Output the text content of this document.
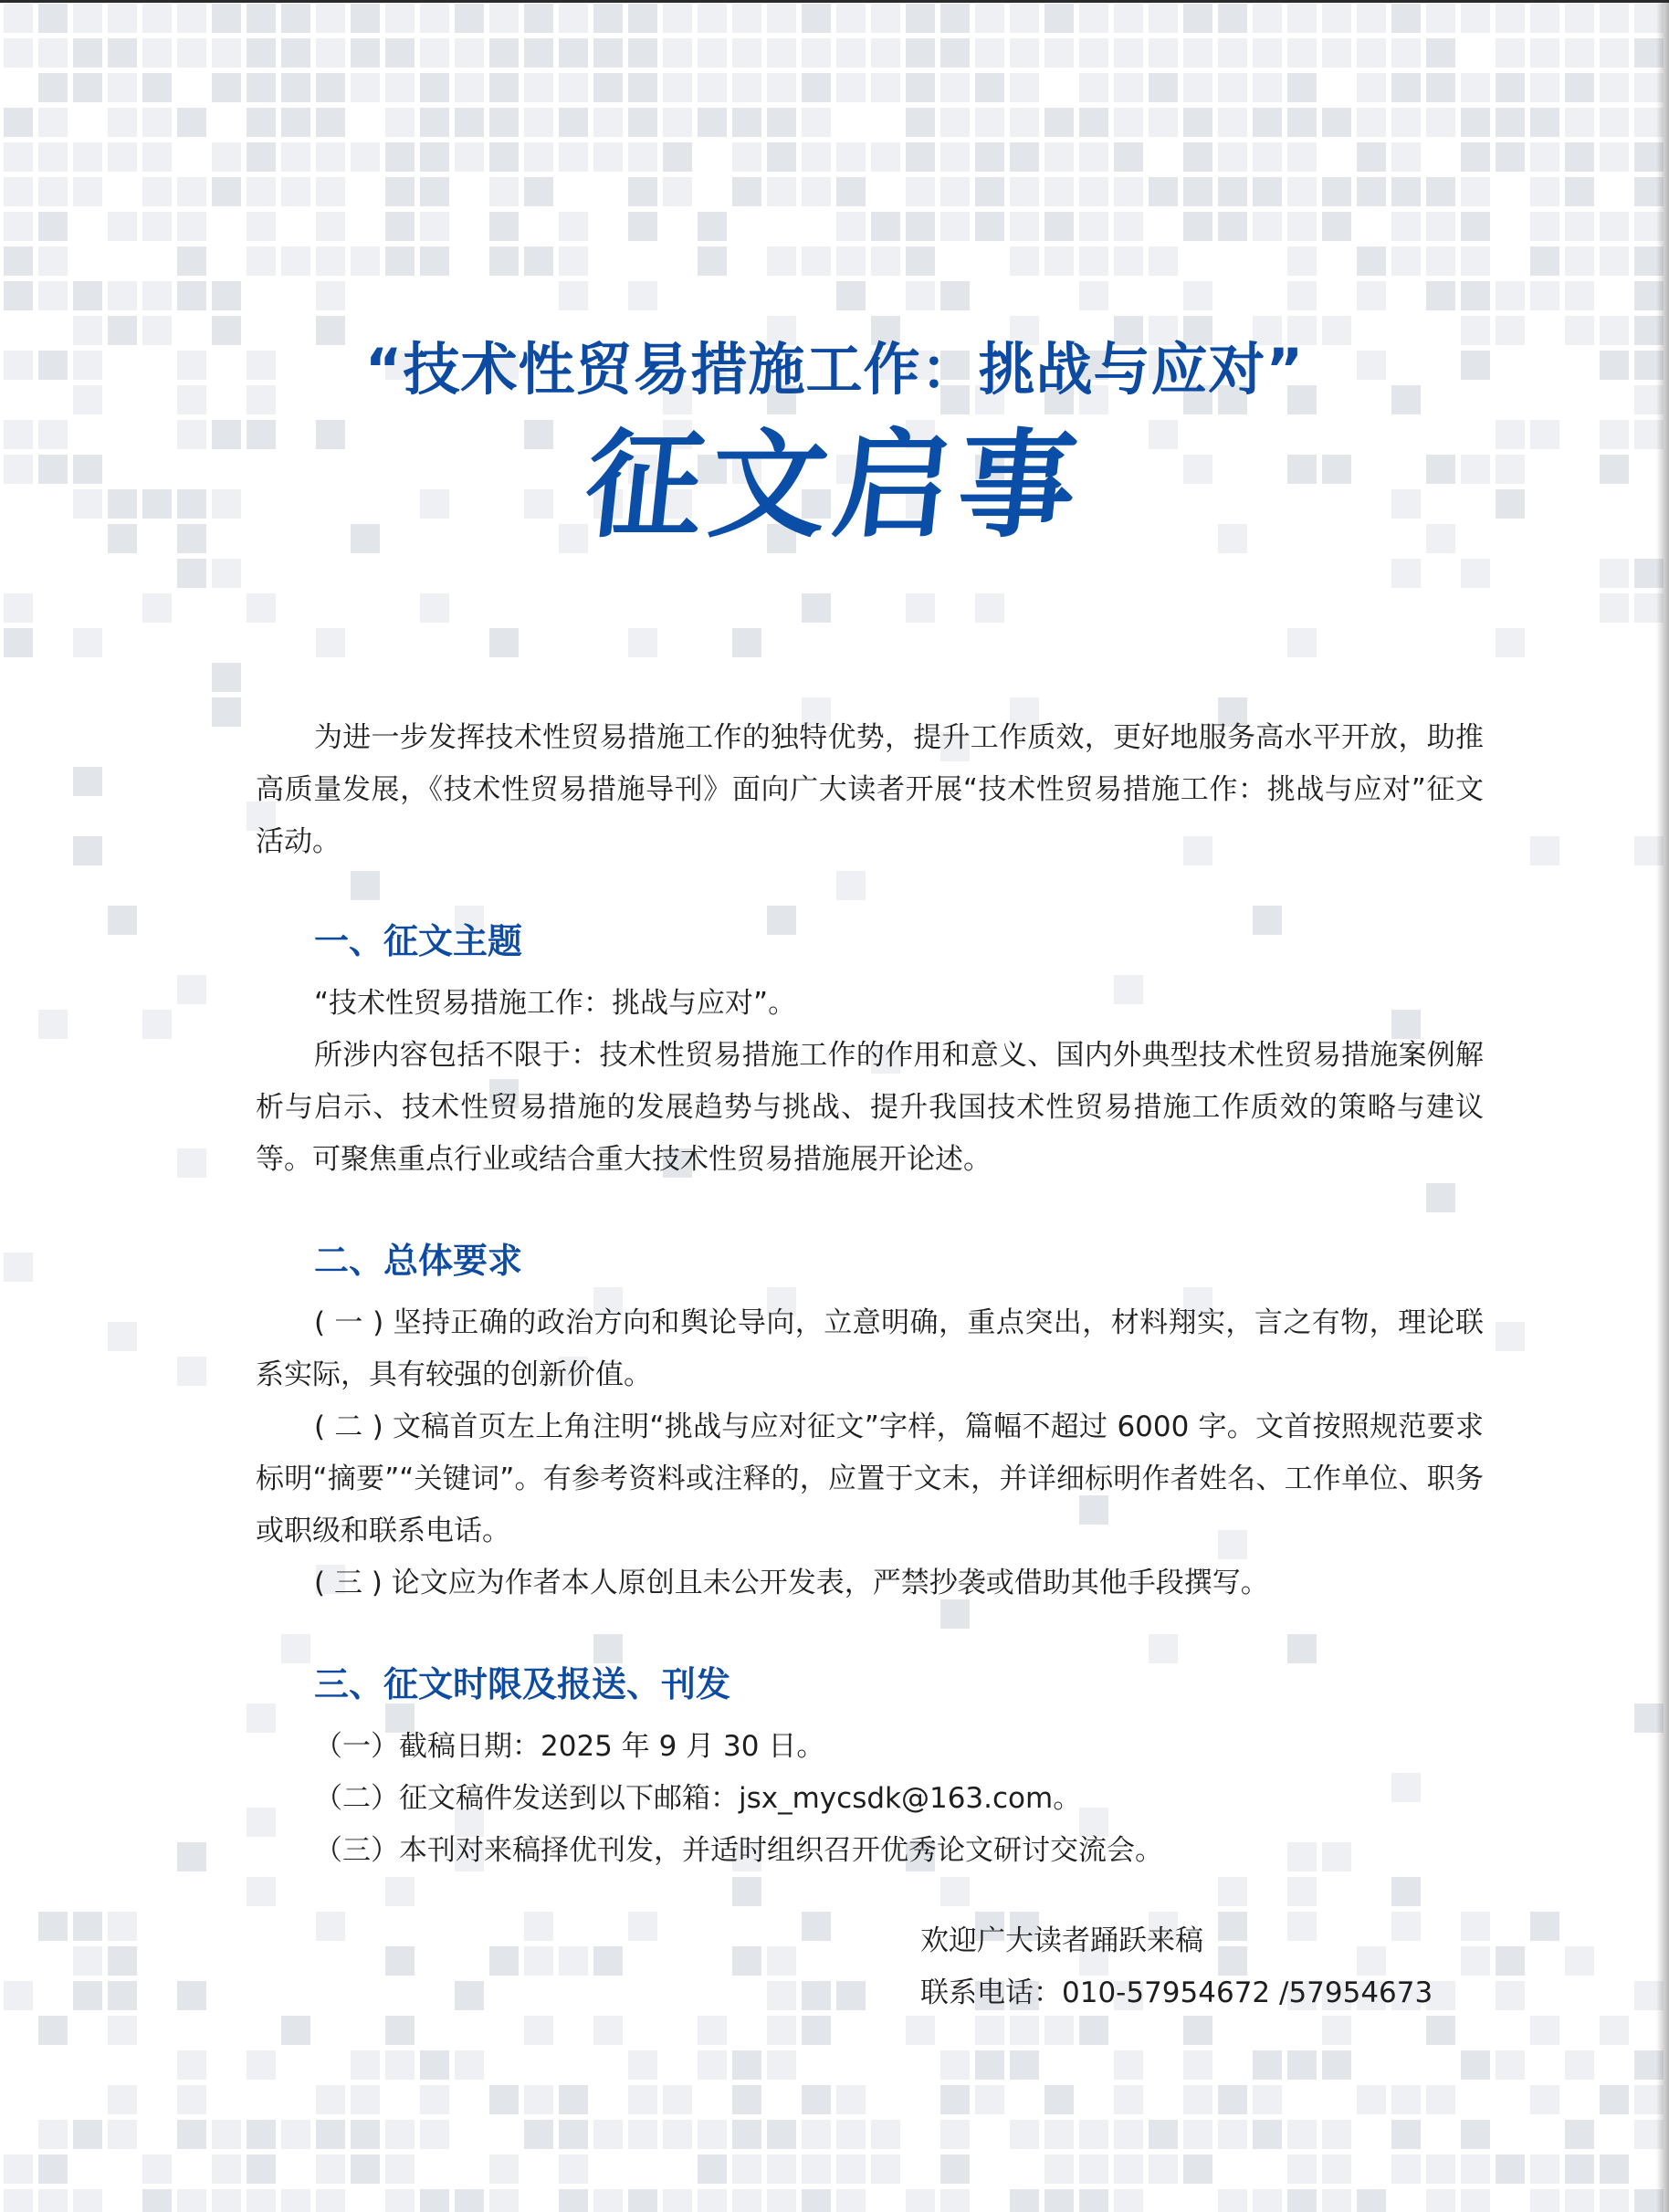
“技术性贸易措施工作：挑战与应对”
征文启事

为进一步发挥技术性贸易措施工作的独特优势，提升工作质效，更好地服务高水平开放，助推高质量发展，《技术性贸易措施导刊》面向广大读者开展“技术性贸易措施工作：挑战与应对”征文活动。

一、征文主题

“技术性贸易措施工作：挑战与应对”。

所涉内容包括不限于：技术性贸易措施工作的作用和意义、国内外典型技术性贸易措施案例解析与启示、技术性贸易措施的发展趋势与挑战、提升我国技术性贸易措施工作质效的策略与建议等。可聚焦重点行业或结合重大技术性贸易措施展开论述。

二、总体要求

( 一 ) 坚持正确的政治方向和舆论导向，立意明确，重点突出，材料翔实，言之有物，理论联系实际，具有较强的创新价值。

( 二 ) 文稿首页左上角注明“挑战与应对征文”字样，篇幅不超过 6000 字。文首按照规范要求标明“摘要”“关键词”。有参考资料或注释的，应置于文末，并详细标明作者姓名、工作单位、职务或职级和联系电话。

( 三 ) 论文应为作者本人原创且未公开发表，严禁抄袭或借助其他手段撰写。

三、征文时限及报送、刊发

（一）截稿日期：2025 年 9 月 30 日。

（二）征文稿件发送到以下邮箱：jsx_mycsdk@163.com。

（三）本刊对来稿择优刊发，并适时组织召开优秀论文研讨交流会。

欢迎广大读者踊跃来稿

联系电话：010-57954672 /57954673
